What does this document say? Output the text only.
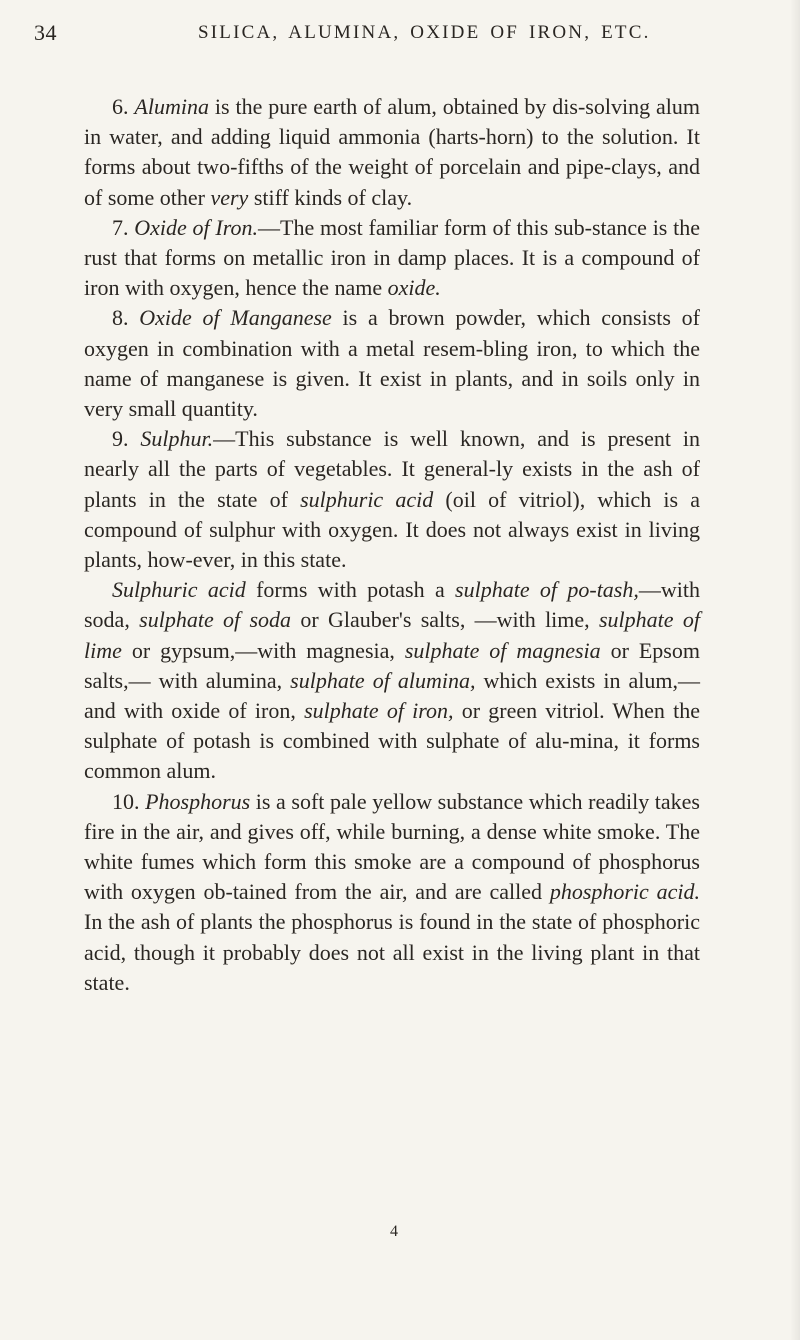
34	SILICA, ALUMINA, OXIDE OF IRON, ETC.

6. Alumina is the pure earth of alum, obtained by dis-solving alum in water, and adding liquid ammonia (harts-horn) to the solution. It forms about two-fifths of the weight of porcelain and pipe-clays, and of some other very stiff kinds of clay.

7. Oxide of Iron.—The most familiar form of this sub-stance is the rust that forms on metallic iron in damp places. It is a compound of iron with oxygen, hence the name oxide.

8. Oxide of Manganese is a brown powder, which consists of oxygen in combination with a metal resem-bling iron, to which the name of manganese is given. It exist in plants, and in soils only in very small quantity.

9. Sulphur.—This substance is well known, and is present in nearly all the parts of vegetables. It general-ly exists in the ash of plants in the state of sulphuric acid (oil of vitriol), which is a compound of sulphur with oxygen. It does not always exist in living plants, how-ever, in this state.

Sulphuric acid forms with potash a sulphate of po-tash,—with soda, sulphate of soda or Glauber's salts, —with lime, sulphate of lime or gypsum,—with magnesia, sulphate of magnesia or Epsom salts,— with alumina, sulphate of alumina, which exists in alum,—and with oxide of iron, sulphate of iron, or green vitriol. When the sulphate of potash is combined with sulphate of alu-mina, it forms common alum.

10. Phosphorus is a soft pale yellow substance which readily takes fire in the air, and gives off, while burning, a dense white smoke. The white fumes which form this smoke are a compound of phosphorus with oxygen ob-tained from the air, and are called phosphoric acid. In the ash of plants the phosphorus is found in the state of phosphoric acid, though it probably does not all exist in the living plant in that state.

4
